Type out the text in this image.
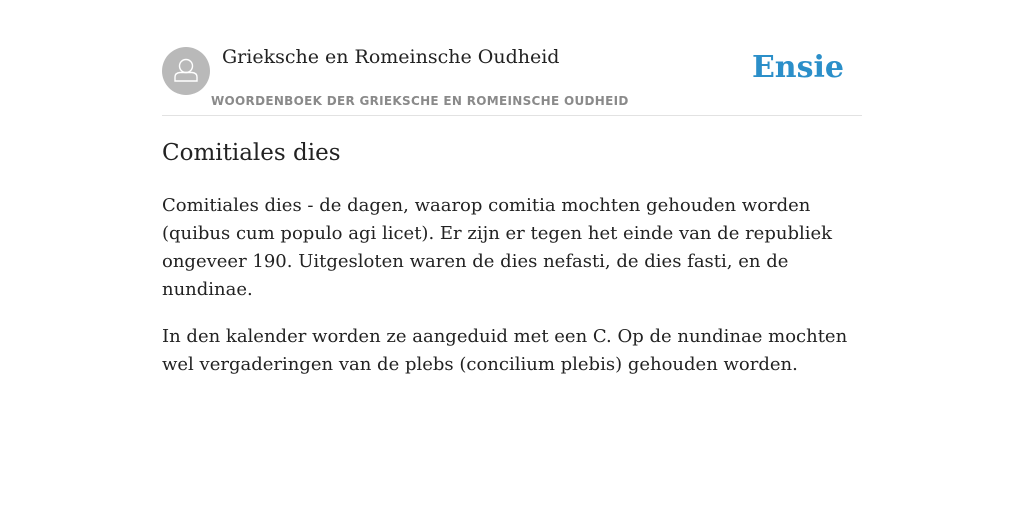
Grieksche en Romeinsche Oudheid
WOORDENBOEK DER GRIEKSCHE EN ROMEINSCHE OUDHEID
Ensie
Comitiales dies

Comitiales dies - de dagen, waarop comitia mochten gehouden worden (quibus cum populo agi licet). Er zijn er tegen het einde van de republiek ongeveer 190. Uitgesloten waren de dies nefasti, de dies fasti, en de nundinae.

In den kalender worden ze aangeduid met een C. Op de nundinae mochten wel vergaderingen van de plebs (concilium plebis) gehouden worden.
